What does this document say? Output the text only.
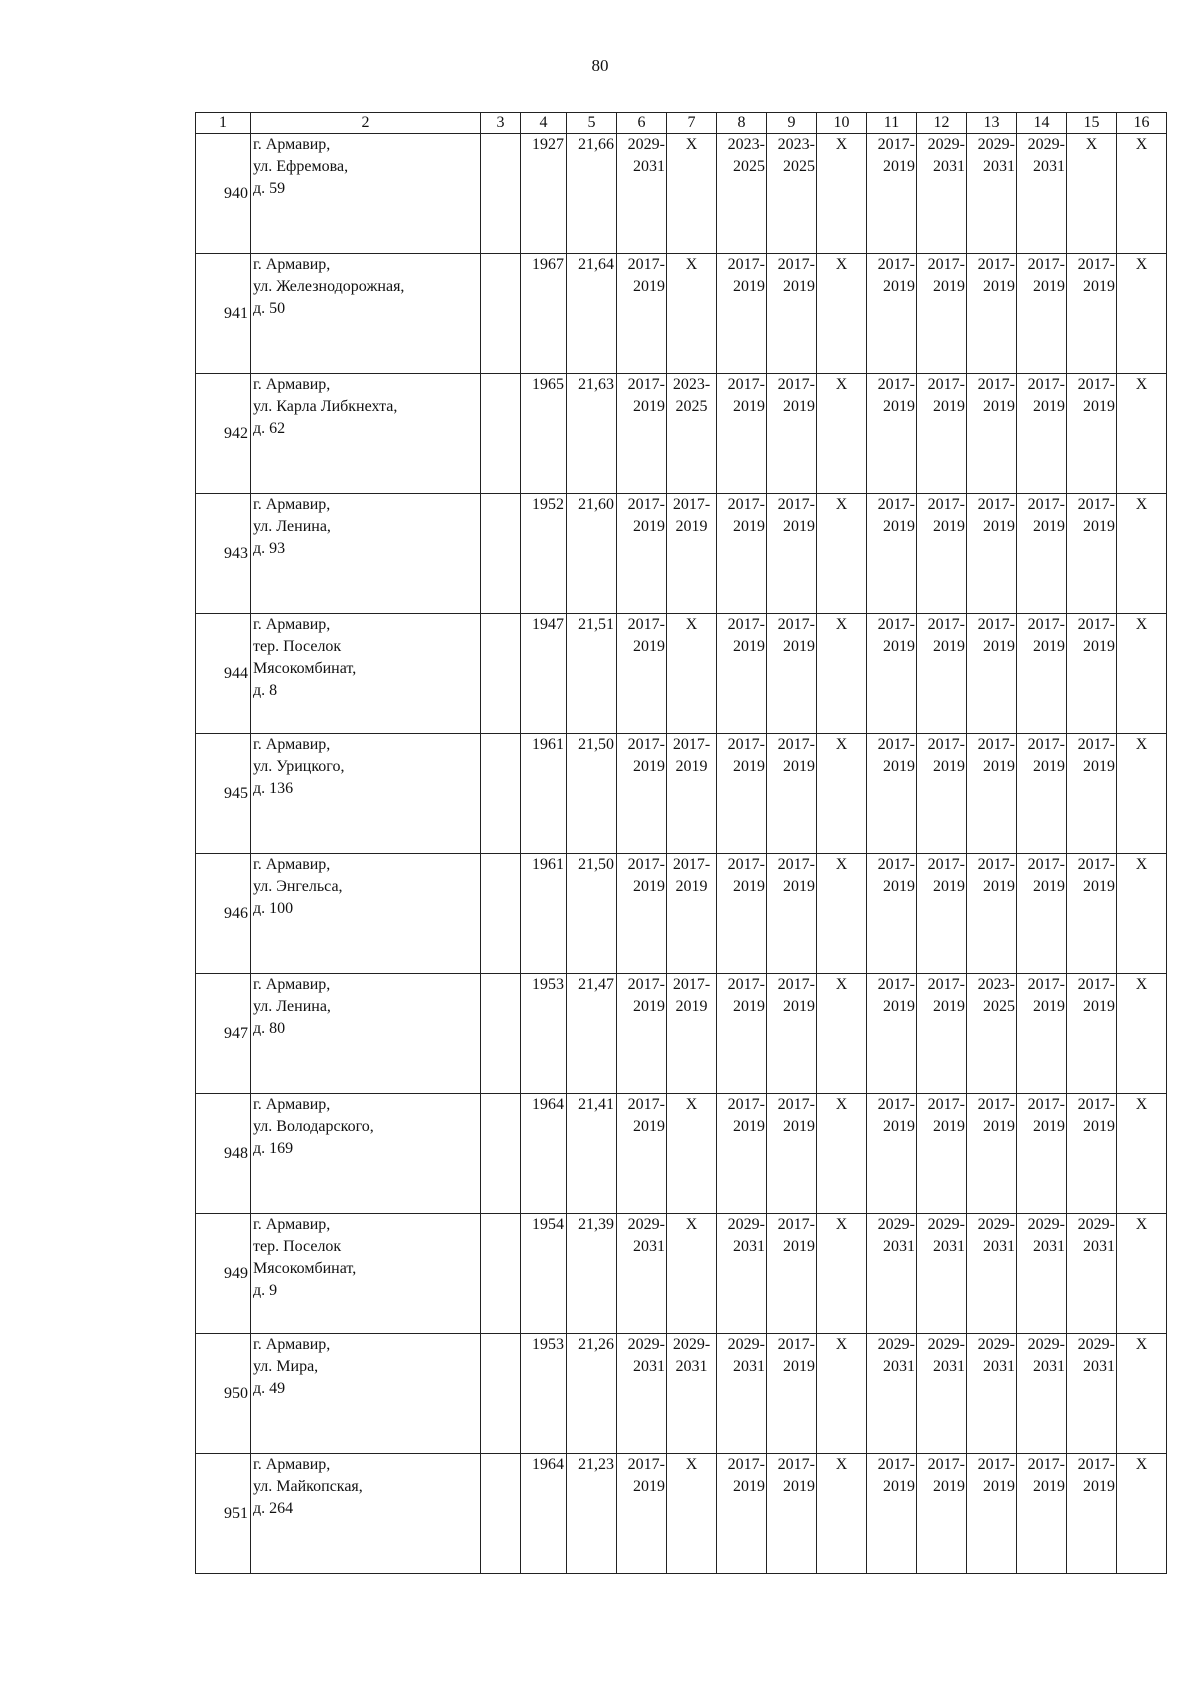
80
1	2	3	4	5	6	7	8	9	10	11	12	13	14	15	16
940	г. Армавир,
ул. Ефремова,
д. 59		1927	21,66	2029-
2031	X	2023-
2025	2023-
2025	X	2017-
2019	2029-
2031	2029-
2031	2029-
2031	X	X
941	г. Армавир,
ул. Железнодорожная,
д. 50		1967	21,64	2017-
2019	X	2017-
2019	2017-
2019	X	2017-
2019	2017-
2019	2017-
2019	2017-
2019	2017-
2019	X
942	г. Армавир,
ул. Карла Либкнехта,
д. 62		1965	21,63	2017-
2019	2023- 2025	2017-
2019	2017-
2019	X	2017-
2019	2017-
2019	2017-
2019	2017-
2019	2017-
2019	X
943	г. Армавир,
ул. Ленина,
д. 93		1952	21,60	2017-
2019	2017- 2019	2017-
2019	2017-
2019	X	2017-
2019	2017-
2019	2017-
2019	2017-
2019	2017-
2019	X
944	г. Армавир,
тер. Поселок
Мясокомбинат,
д. 8		1947	21,51	2017-
2019	X	2017-
2019	2017-
2019	X	2017-
2019	2017-
2019	2017-
2019	2017-
2019	2017-
2019	X
945	г. Армавир,
ул. Урицкого,
д. 136		1961	21,50	2017-
2019	2017- 2019	2017-
2019	2017-
2019	X	2017-
2019	2017-
2019	2017-
2019	2017-
2019	2017-
2019	X
946	г. Армавир,
ул. Энгельса,
д. 100		1961	21,50	2017-
2019	2017- 2019	2017-
2019	2017-
2019	X	2017-
2019	2017-
2019	2017-
2019	2017-
2019	2017-
2019	X
947	г. Армавир,
ул. Ленина,
д. 80		1953	21,47	2017-
2019	2017- 2019	2017-
2019	2017-
2019	X	2017-
2019	2017-
2019	2023-
2025	2017-
2019	2017-
2019	X
948	г. Армавир,
ул. Володарского,
д. 169		1964	21,41	2017-
2019	X	2017-
2019	2017-
2019	X	2017-
2019	2017-
2019	2017-
2019	2017-
2019	2017-
2019	X
949	г. Армавир,
тер. Поселок
Мясокомбинат,
д. 9		1954	21,39	2029-
2031	X	2029-
2031	2017-
2019	X	2029-
2031	2029-
2031	2029-
2031	2029-
2031	2029-
2031	X
950	г. Армавир,
ул. Мира,
д. 49		1953	21,26	2029-
2031	2029- 2031	2029-
2031	2017-
2019	X	2029-
2031	2029-
2031	2029-
2031	2029-
2031	2029-
2031	X
951	г. Армавир,
ул. Майкопская,
д. 264		1964	21,23	2017-
2019	X	2017-
2019	2017-
2019	X	2017-
2019	2017-
2019	2017-
2019	2017-
2019	2017-
2019	X
